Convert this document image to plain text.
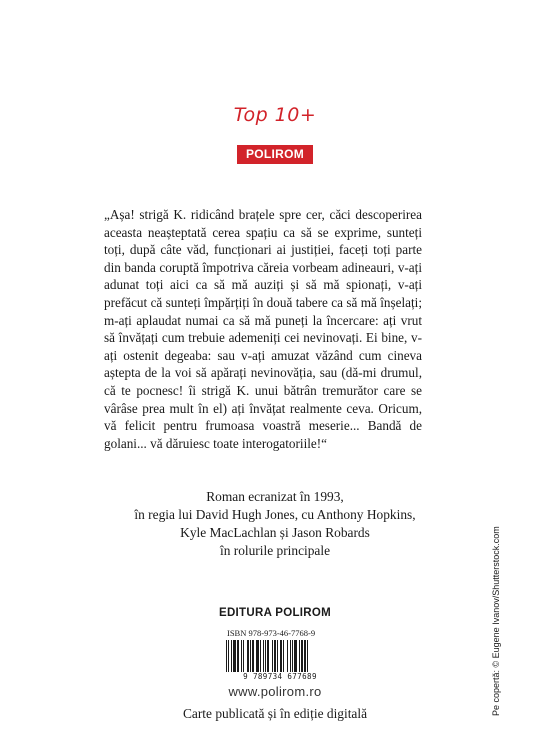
Top 10+
POLIROM
„Așa! strigă K. ridicând brațele spre cer, căci descoperirea aceasta neașteptată cerea spațiu ca să se exprime, sunteți toți, după câte văd, funcționari ai justiției, faceți toți parte din banda coruptă împotriva căreia vorbeam adineauri, v-ați adunat toți aici ca să mă auziți și să mă spionați, v-ați prefăcut că sunteți împărțiți în două tabere ca să mă înșelați; m-ați aplaudat numai ca să mă puneți la încercare: ați vrut să învățați cum trebuie ademeniți cei nevinovați. Ei bine, v-ați ostenit degeaba: sau v-ați amuzat văzând cum cineva aștepta de la voi să apărați nevinovăția, sau (dă-mi drumul, că te pocnesc! îi strigă K. unui bătrân tremurător care se vârâse prea mult în el) ați învățat realmente ceva. Oricum, vă felicit pentru frumoasa voastră meserie... Bandă de golani... vă dăruiesc toate interogatoriile!“
Roman ecranizat în 1993,
în regia lui David Hugh Jones, cu Anthony Hopkins,
Kyle MacLachlan și Jason Robards
în rolurile principale
EDITURA POLIROM
ISBN 978-973-46-7768-9
9 789734 677689
www.polirom.ro
Carte publicată și în ediție digitală	Pe copertă: © Eugene Ivanov/Shutterstock.com
